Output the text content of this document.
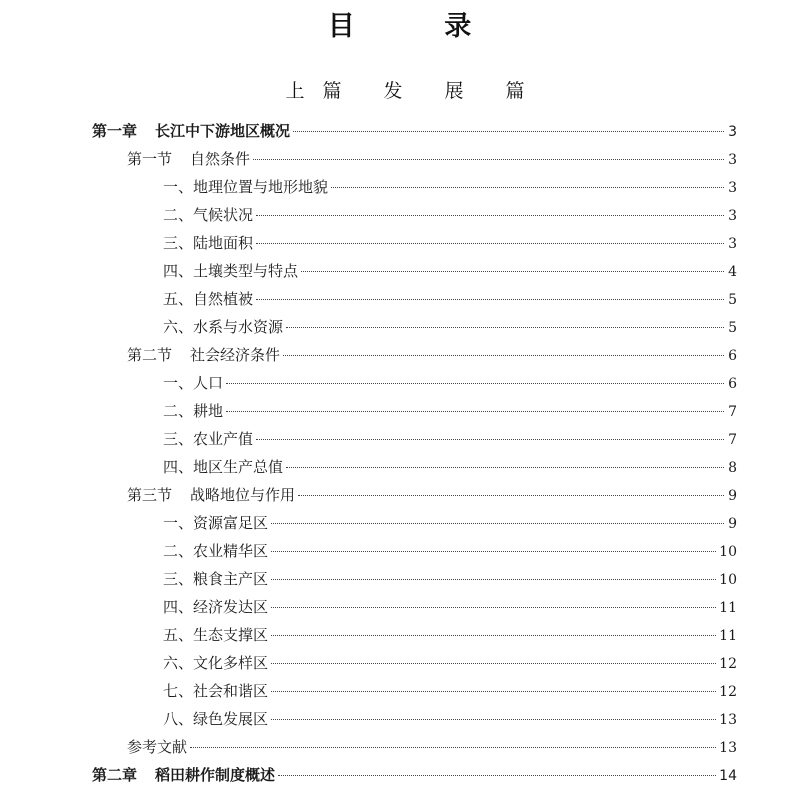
目 录
上篇 发 展 篇
第一章 长江中下游地区概况	3
第一节 自然条件	3
一、地理位置与地形地貌	3
二、气候状况	3
三、陆地面积	3
四、土壤类型与特点	4
五、自然植被	5
六、水系与水资源	5
第二节 社会经济条件	6
一、人口	6
二、耕地	7
三、农业产值	7
四、地区生产总值	8
第三节 战略地位与作用	9
一、资源富足区	9
二、农业精华区	10
三、粮食主产区	10
四、经济发达区	11
五、生态支撑区	11
六、文化多样区	12
七、社会和谐区	12
八、绿色发展区	13
参考文献	13
第二章 稻田耕作制度概述	14
